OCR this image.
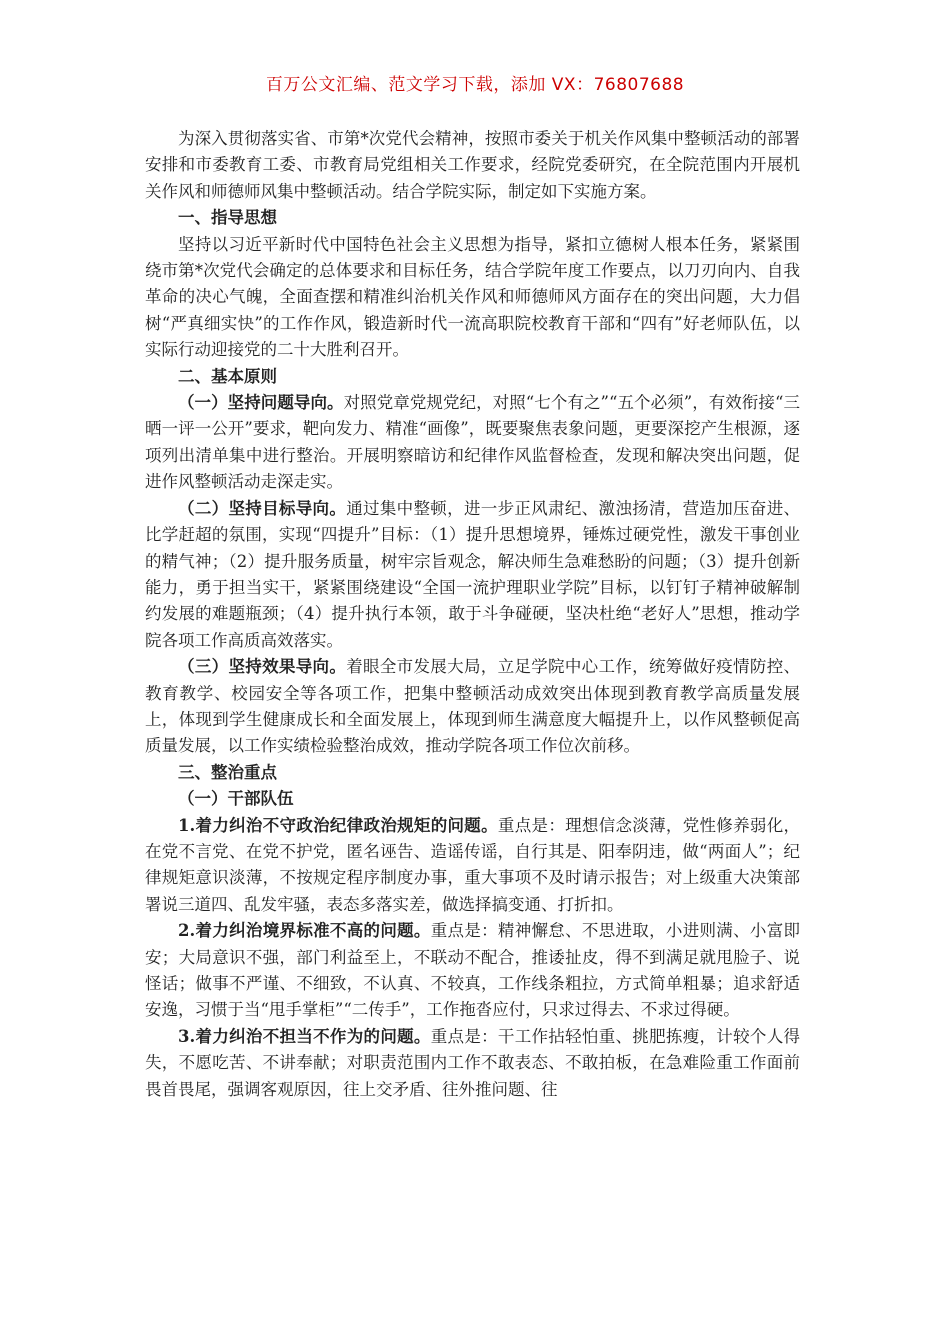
百万公文汇编、范文学习下载，添加 VX：76807688

为深入贯彻落实省、市第*次党代会精神，按照市委关于机关作风集中整顿活动的部署安排和市委教育工委、市教育局党组相关工作要求，经院党委研究，在全院范围内开展机关作风和师德师风集中整顿活动。结合学院实际，制定如下实施方案。

一、指导思想

坚持以习近平新时代中国特色社会主义思想为指导，紧扣立德树人根本任务，紧紧围绕市第*次党代会确定的总体要求和目标任务，结合学院年度工作要点，以刀刃向内、自我革命的决心气魄，全面查摆和精准纠治机关作风和师德师风方面存在的突出问题，大力倡树“严真细实快”的工作作风，锻造新时代一流高职院校教育干部和“四有”好老师队伍，以实际行动迎接党的二十大胜利召开。

二、基本原则

（一）坚持问题导向。对照党章党规党纪，对照“七个有之”“五个必须”，有效衔接“三晒一评一公开”要求，靶向发力、精准“画像”，既要聚焦表象问题，更要深挖产生根源，逐项列出清单集中进行整治。开展明察暗访和纪律作风监督检查，发现和解决突出问题，促进作风整顿活动走深走实。

（二）坚持目标导向。通过集中整顿，进一步正风肃纪、激浊扬清，营造加压奋进、比学赶超的氛围，实现“四提升”目标：（1）提升思想境界，锤炼过硬党性，激发干事创业的精气神；（2）提升服务质量，树牢宗旨观念，解决师生急难愁盼的问题；（3）提升创新能力，勇于担当实干，紧紧围绕建设“全国一流护理职业学院”目标，以钉钉子精神破解制约发展的难题瓶颈；（4）提升执行本领，敢于斗争碰硬，坚决杜绝“老好人”思想，推动学院各项工作高质高效落实。

（三）坚持效果导向。着眼全市发展大局，立足学院中心工作，统筹做好疫情防控、教育教学、校园安全等各项工作，把集中整顿活动成效突出体现到教育教学高质量发展上，体现到学生健康成长和全面发展上，体现到师生满意度大幅提升上，以作风整顿促高质量发展，以工作实绩检验整治成效，推动学院各项工作位次前移。

三、整治重点

（一）干部队伍

1.着力纠治不守政治纪律政治规矩的问题。重点是：理想信念淡薄，党性修养弱化，在党不言党、在党不护党，匿名诬告、造谣传谣，自行其是、阳奉阴违，做“两面人”；纪律规矩意识淡薄，不按规定程序制度办事，重大事项不及时请示报告；对上级重大决策部署说三道四、乱发牢骚，表态多落实差，做选择搞变通、打折扣。

2.着力纠治境界标准不高的问题。重点是：精神懈怠、不思进取，小进则满、小富即安；大局意识不强，部门利益至上，不联动不配合，推诿扯皮，得不到满足就甩脸子、说怪话；做事不严谨、不细致，不认真、不较真，工作线条粗拉，方式简单粗暴；追求舒适安逸，习惯于当“甩手掌柜”“二传手”，工作拖沓应付，只求过得去、不求过得硬。

3.着力纠治不担当不作为的问题。重点是：干工作拈轻怕重、挑肥拣瘦，计较个人得失，不愿吃苦、不讲奉献；对职责范围内工作不敢表态、不敢拍板，在急难险重工作面前畏首畏尾，强调客观原因，往上交矛盾、往外推问题、往
